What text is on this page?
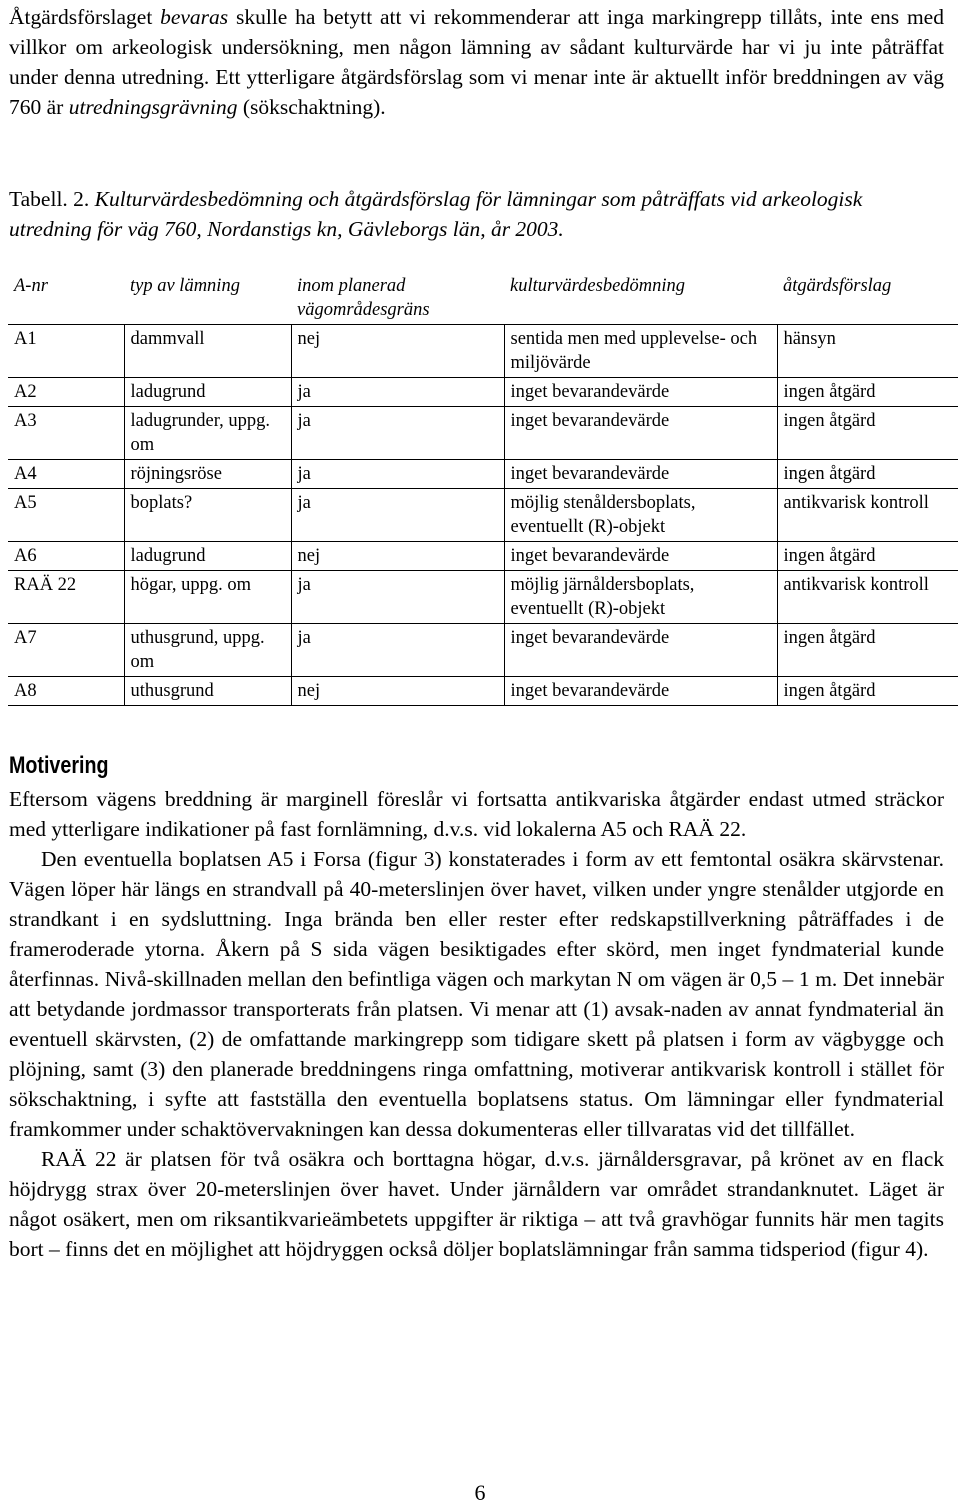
Åtgärdsförslaget bevaras skulle ha betytt att vi rekommenderar att inga markingrepp tillåts, inte ens med villkor om arkeologisk undersökning, men någon lämning av sådant kulturvärde har vi ju inte påträffat under denna utredning. Ett ytterligare åtgärdsförslag som vi menar inte är aktuellt inför breddningen av väg 760 är utredningsgrävning (sökschaktning).

Tabell. 2. Kulturvärdesbedömning och åtgärdsförslag för lämningar som påträffats vid arkeologisk utredning för väg 760, Nordanstigs kn, Gävleborgs län, år 2003.

A-nr	typ av lämning	inom planerad vägområdesgräns	kulturvärdesbedömning	åtgärdsförslag
A1	dammvall	nej	sentida men med upplevelse- och miljövärde	hänsyn
A2	ladugrund	ja	inget bevarandevärde	ingen åtgärd
A3	ladugrunder, uppg. om	ja	inget bevarandevärde	ingen åtgärd
A4	röjningsröse	ja	inget bevarandevärde	ingen åtgärd
A5	boplats?	ja	möjlig stenåldersboplats, eventuellt (R)-objekt	antikvarisk kontroll
A6	ladugrund	nej	inget bevarandevärde	ingen åtgärd
RAÄ 22	högar, uppg. om	ja	möjlig järnåldersboplats, eventuellt (R)-objekt	antikvarisk kontroll
A7	uthusgrund, uppg. om	ja	inget bevarandevärde	ingen åtgärd
A8	uthusgrund	nej	inget bevarandevärde	ingen åtgärd
Motivering

Eftersom vägens breddning är marginell föreslår vi fortsatta antikvariska åtgärder endast utmed sträckor med ytterligare indikationer på fast fornlämning, d.v.s. vid lokalerna A5 och RAÄ 22.

Den eventuella boplatsen A5 i Forsa (figur 3) konstaterades i form av ett femtontal osäkra skärvstenar. Vägen löper här längs en strandvall på 40-meterslinjen över havet, vilken under yngre stenålder utgjorde en strandkant i en sydsluttning. Inga brända ben eller rester efter redskapstillverkning påträffades i de frameroderade ytorna. Åkern på S sida vägen besiktigades efter skörd, men inget fyndmaterial kunde återfinnas. Nivå-skillnaden mellan den befintliga vägen och markytan N om vägen är 0,5 – 1 m. Det innebär att betydande jordmassor transporterats från platsen. Vi menar att (1) avsak-naden av annat fyndmaterial än eventuell skärvsten, (2) de omfattande markingrepp som tidigare skett på platsen i form av vägbygge och plöjning, samt (3) den planerade breddningens ringa omfattning, motiverar antikvarisk kontroll i stället för sökschaktning, i syfte att fastställa den eventuella boplatsens status. Om lämningar eller fyndmaterial framkommer under schaktövervakningen kan dessa dokumenteras eller tillvaratas vid det tillfället.

RAÄ 22 är platsen för två osäkra och borttagna högar, d.v.s. järnåldersgravar, på krönet av en flack höjdrygg strax över 20-meterslinjen över havet. Under järnåldern var området strandanknutet. Läget är något osäkert, men om riksantikvarieämbetets uppgifter är riktiga – att två gravhögar funnits här men tagits bort – finns det en möjlighet att höjdryggen också döljer boplatslämningar från samma tidsperiod (figur 4).

6
